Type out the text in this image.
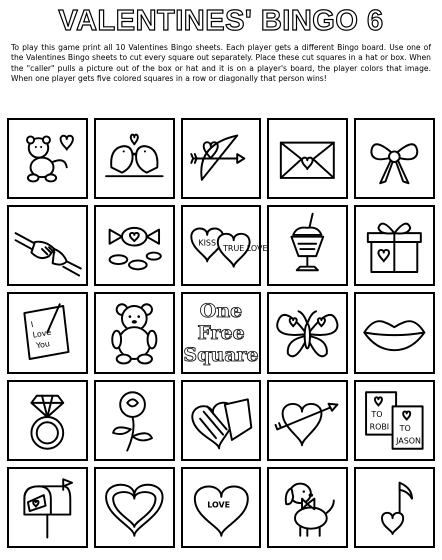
VALENTINES' BINGO 6
To play this game print all 10 Valentines Bingo sheets. Each player gets a different Bingo board. Use one of the Valentines Bingo sheets to cut every square out separately. Place these cut squares in a hat or box. When the "caller" pulls a picture out of the box or hat and it is on a player's board, the player colors that image. When one player gets five colored squares in a row or diagonally that person wins!
KISS
TRUE LOVE
I
Love
You
One
Free
Square
TO
ROBI TO
JASON
LOVE
